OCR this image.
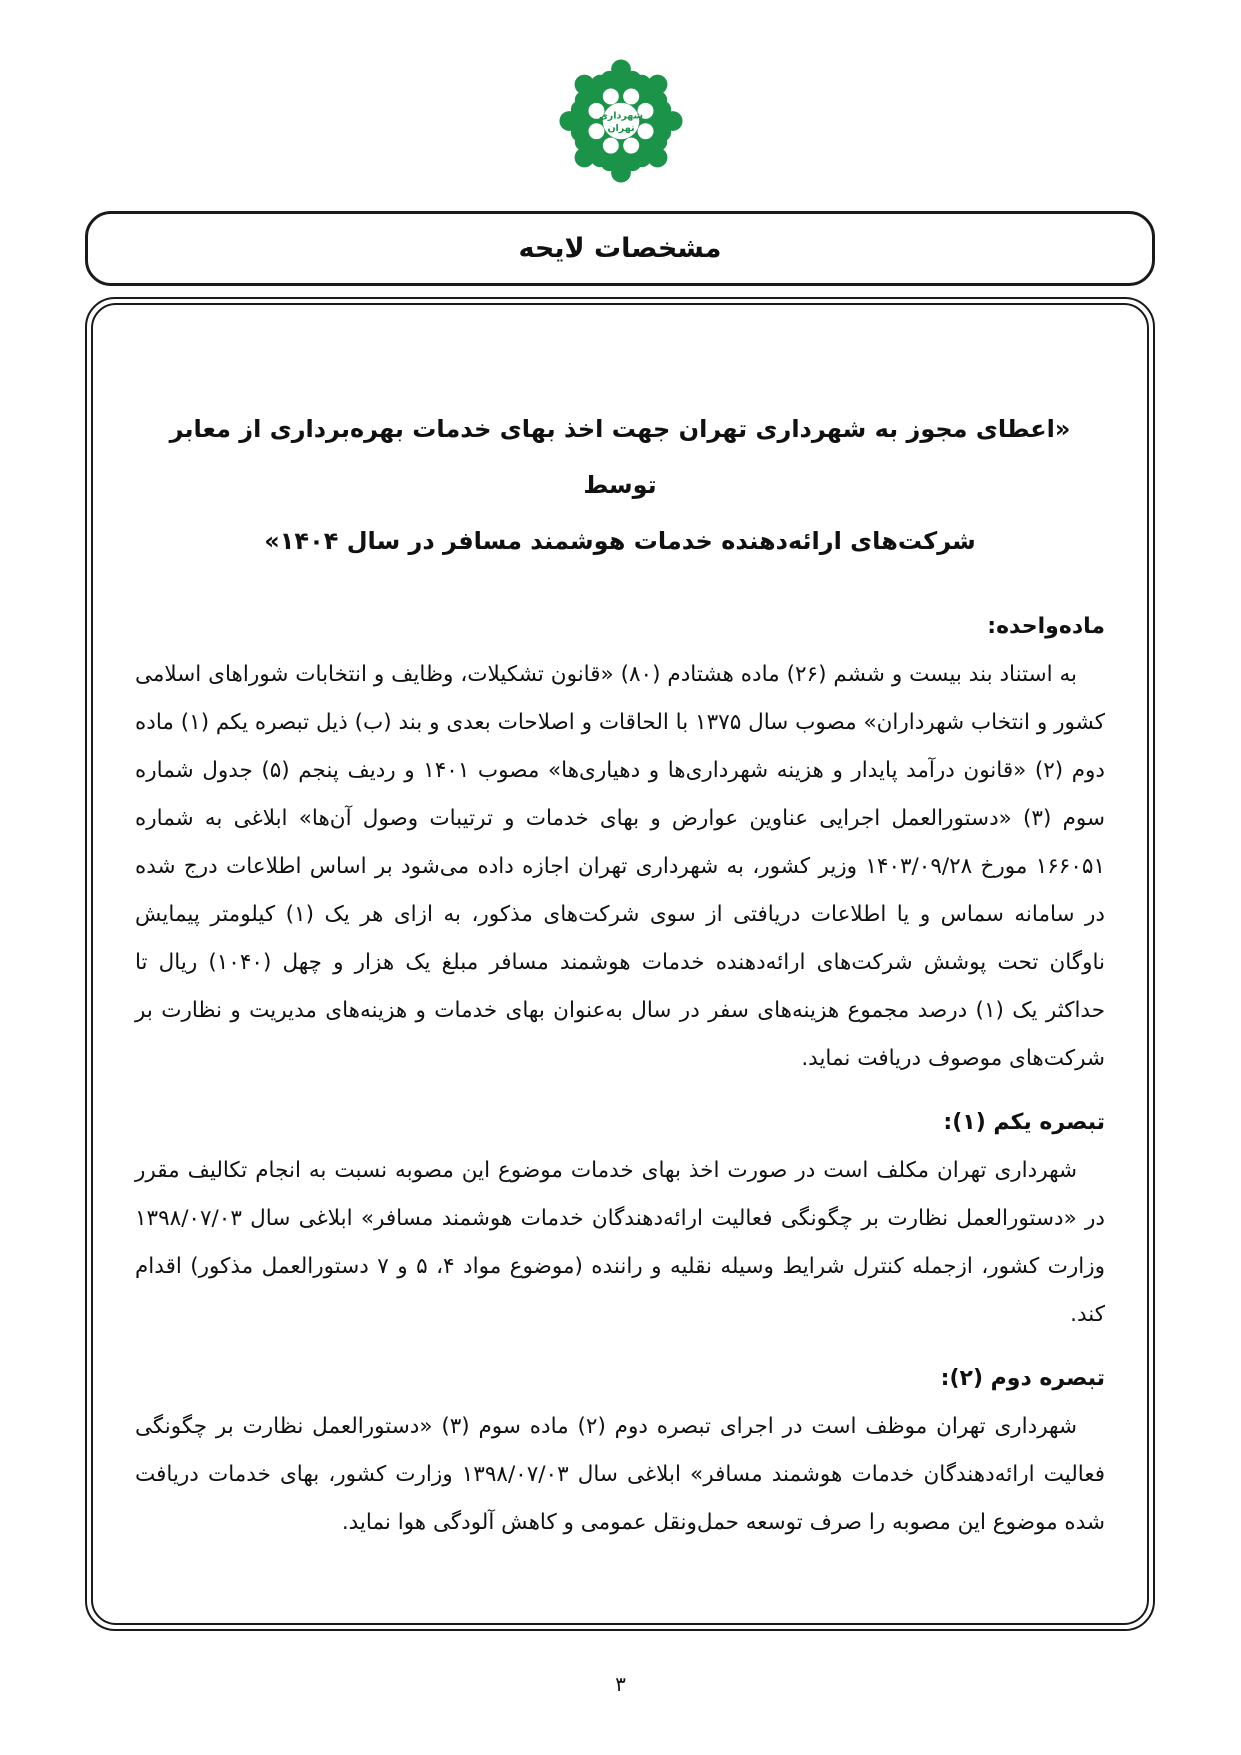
شهرداری
تهران
مشخصات لایحه
«اعطای مجوز به شهرداری تهران جهت اخذ بهای خدمات بهره‌برداری از معابر توسط
شرکت‌های ارائه‌دهنده خدمات هوشمند مسافر در سال ۱۴۰۴»
ماده‌واحده:

به استناد بند بیست و ششم (۲۶) ماده هشتادم (۸۰) «قانون تشکیلات، وظایف و انتخابات شوراهای اسلامی کشور و انتخاب شهرداران» مصوب سال ۱۳۷۵ با الحاقات و اصلاحات بعدی و بند (ب) ذیل تبصره یکم (۱) ماده دوم (۲) «قانون درآمد پایدار و هزینه شهرداری‌ها و دهیاری‌ها» مصوب ۱۴۰۱ و ردیف پنجم (۵) جدول شماره سوم (۳) «دستورالعمل اجرایی عناوین عوارض و بهای خدمات و ترتیبات وصول آن‌ها» ابلاغی به شماره ۱۶۶۰۵۱ مورخ ۱۴۰۳/۰۹/۲۸ وزیر کشور، به شهرداری تهران اجازه داده می‌شود بر اساس اطلاعات درج شده در سامانه سماس و یا اطلاعات دریافتی از سوی شرکت‌های مذکور، به ازای هر یک (۱) کیلومتر پیمایش ناوگان تحت پوشش شرکت‌های ارائه‌دهنده خدمات هوشمند مسافر مبلغ یک هزار و چهل (۱۰۴۰) ریال تا حداکثر یک (۱) درصد مجموع هزینه‌های سفر در سال به‌عنوان بهای خدمات و هزینه‌های مدیریت و نظارت بر شرکت‌های موصوف دریافت نماید.

تبصره یکم (۱):

شهرداری تهران مکلف است در صورت اخذ بهای خدمات موضوع این مصوبه نسبت به انجام تکالیف مقرر در «دستورالعمل نظارت بر چگونگی فعالیت ارائه‌دهندگان خدمات هوشمند مسافر» ابلاغی سال ۱۳۹۸/۰۷/۰۳ وزارت کشور، ازجمله کنترل شرایط وسیله نقلیه و راننده (موضوع مواد ۴، ۵ و ۷ دستورالعمل مذکور) اقدام کند.

تبصره دوم (۲):

شهرداری تهران موظف است در اجرای تبصره دوم (۲) ماده سوم (۳) «دستورالعمل نظارت بر چگونگی فعالیت ارائه‌دهندگان خدمات هوشمند مسافر» ابلاغی سال ۱۳۹۸/۰۷/۰۳ وزارت کشور، بهای خدمات دریافت شده موضوع این مصوبه را صرف توسعه حمل‌ونقل عمومی و کاهش آلودگی هوا نماید.

۳
